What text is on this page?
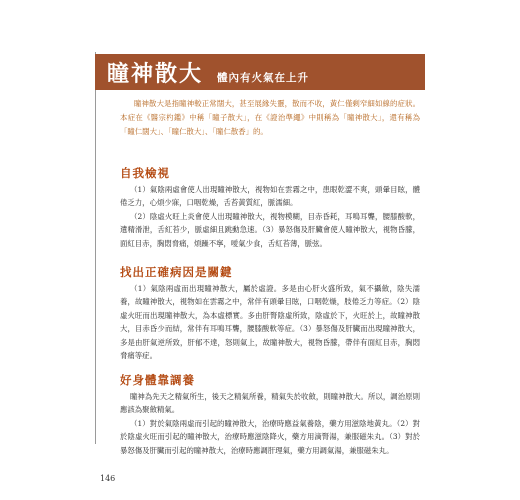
瞳神散大 體內有火氣在上升

瞳神散大是指瞳神較正常闊大，甚至展緣失靈，散而不收，黃仁僅剩窄細如線的症狀。本症在《醫宗杓鑑》中稱「瞳子散大」，在《證治準繩》中則稱為「瞳神散大」，還有稱為「瞳仁闊大」、「瞳仁散大」、「瞳仁散香」的。

自我檢視

（1）氣陰兩虛會使人出現瞳神散大，視物如在雲霧之中，患眼乾澀不爽，頭暈目眩，體倦乏力，心煩少寐，口咽乾燥，舌苔黃質紅，脈濡細。

（2）陰虛火旺上炎會使人出現瞳神散大，視物模糊，目赤昏耗，耳鳴耳聾，腰膝酸軟，遺精滑泄，舌紅苔少，脈虛細且跳動急速。（3）暴怒傷及肝臟會使人瞳神散大，視物昏朦，面紅目赤，胸悶脅痛，煩躁不寧，噯氣少食，舌紅苔薄，脈弦。

找出正確病因是關鍵

（1）氣陰兩虛而出現瞳神散大，屬於虛證。多是由心肝火盛所致，氣不攝斂，陰失濡養，故瞳神散大，視物如在雲霧之中，常伴有頭暈目眩，口咽乾燥，肢倦乏力等症。（2）陰虛火旺而出現瞳神散大，為本虛標實。多由肝腎陰虛所致，陰虛於下，火旺於上，故瞳神散大，目赤昏少而結，常伴有耳鳴耳聾，腰膝酸軟等症。（3）暴怒傷及肝臟而出現瞳神散大，多是由肝氣逆所致，肝郁不達，怒則氣上，故瞳神散大，視物昏朦，帶伴有面紅目赤，胸悶脅痛等症。

好身體靠調養

瞳神為先天之精氣所生，後天之精氣所養，精氣失於收斂，則瞳神散大。所以，調治原則應該為聚斂精氣。

（1）對於氣陰兩虛而引起的瞳神散大，治療時應益氣養陰，藥方用滋陰地黃丸。（2）對於陰虛火旺而引起的瞳神散大，治療時應滋陰降火，藥方用滴腎湯，兼服磁朱丸。（3）對於暴怒傷及肝臟而引起的瞳神散大，治療時應調肝理氣，藥方用調氣湯，兼服磁朱丸。

146
